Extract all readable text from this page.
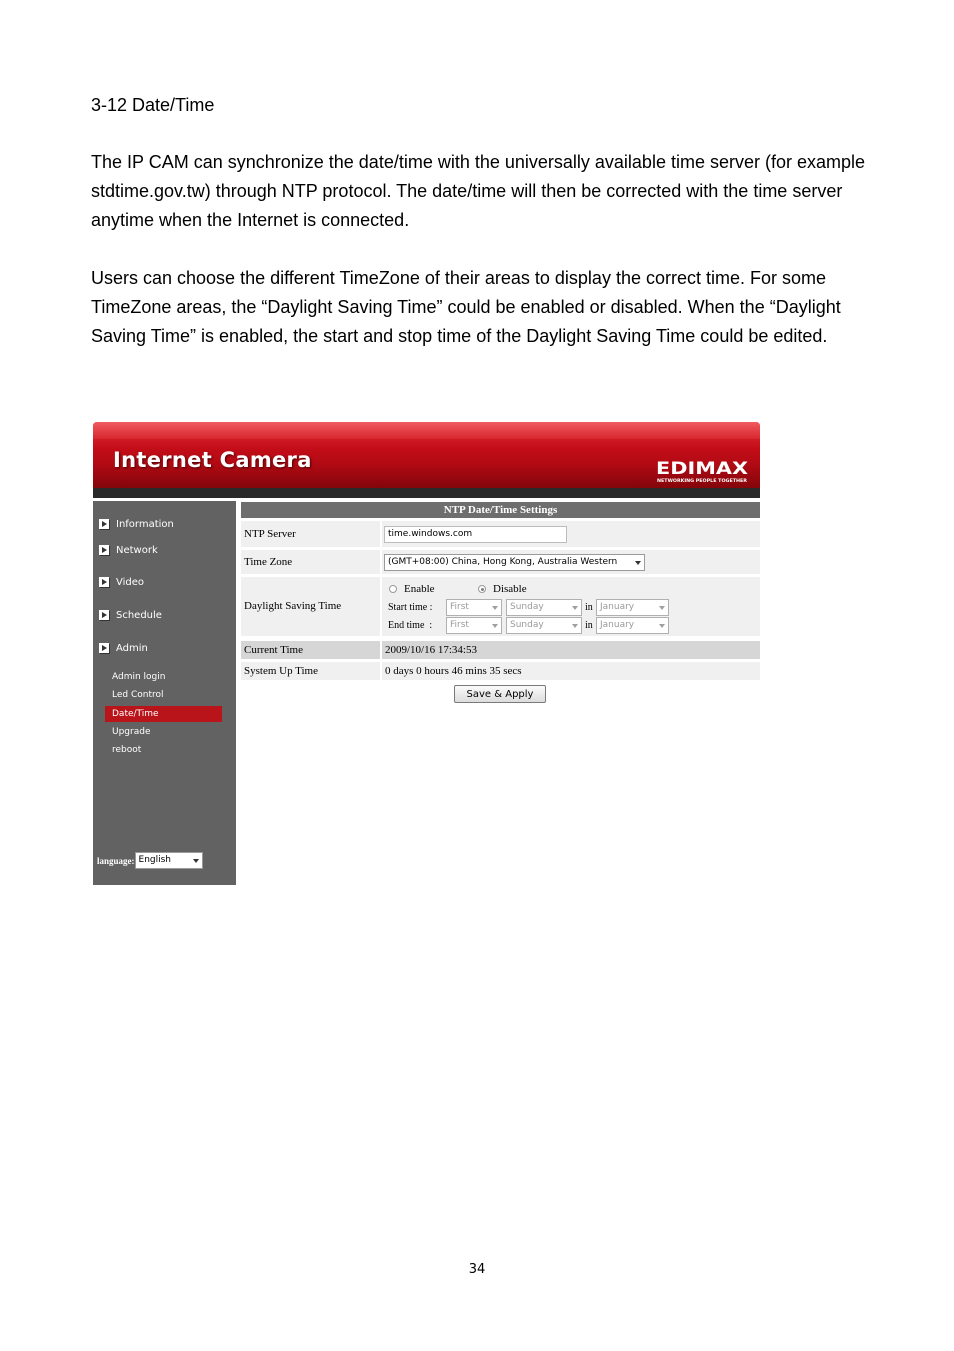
3-12 Date/Time

The IP CAM can synchronize the date/time with the universally available time server (for example stdtime.gov.tw) through NTP protocol. The date/time will then be corrected with the time server anytime when the Internet is connected.

Users can choose the different TimeZone of their areas to display the correct time. For some TimeZone areas, the “Daylight Saving Time” could be enabled or disabled. When the “Daylight Saving Time” is enabled, the start and stop time of the Daylight Saving Time could be edited.

Internet Camera	EDIMAX
NETWORKING PEOPLE TOGETHER
Information
Network
Video
Schedule
Admin
Admin login
Led Control
Date/Time
Upgrade
reboot
language: English
NTP Date/Time Settings
NTP Server	time.windows.com
Time Zone	(GMT+08:00) China, Hong Kong, Australia Western
Daylight Saving Time
Enable	Disable
Start time :	First	Sunday	in January
End time  :	First	Sunday	in January
Current Time	2009/10/16 17:34:53
System Up Time	0 days 0 hours 46 mins 35 secs
Save & Apply
34
